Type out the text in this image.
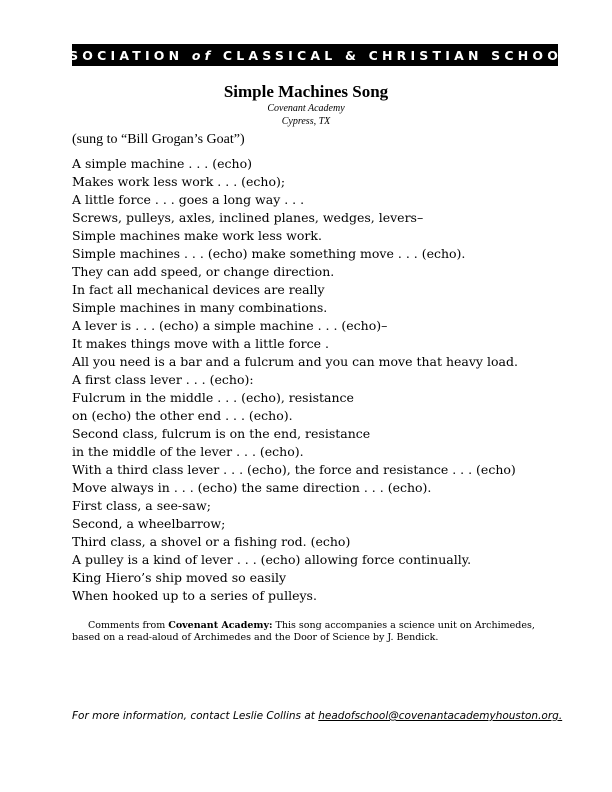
ASSOCIATION
of
CLASSICAL & CHRISTIAN SCHOOLS
Simple Machines Song
Covenant Academy
Cypress, TX
(sung to “Bill Grogan’s Goat”)
A simple machine . . . (echo)
Makes work less work . . . (echo);
A little force . . . goes a long way . . .
Screws, pulleys, axles, inclined planes, wedges, levers–
Simple machines make work less work.
Simple machines . . . (echo) make something move . . . (echo).
They can add speed, or change direction.
In fact all mechanical devices are really
Simple machines in many combinations.
A lever is . . . (echo) a simple machine . . . (echo)–
It makes things move with a little force .
All you need is a bar and a fulcrum and you can move that heavy load.
A first class lever . . . (echo):
Fulcrum in the middle . . . (echo), resistance
on (echo) the other end . . . (echo).
Second class, fulcrum is on the end, resistance
in the middle of the lever . . . (echo).
With a third class lever . . . (echo), the force and resistance . . . (echo)
Move always in . . . (echo) the same direction . . . (echo).
First class, a see-saw;
Second, a wheelbarrow;
Third class, a shovel or a fishing rod. (echo)
A pulley is a kind of lever . . . (echo) allowing force continually.
King Hiero’s ship moved so easily
When hooked up to a series of pulleys.
Comments from Covenant Academy: This song accompanies a science unit on Archimedes, based on a read-aloud of Archimedes and the Door of Science by J. Bendick.
For more information, contact Leslie Collins at headofschool@covenantacademyhouston.org.
